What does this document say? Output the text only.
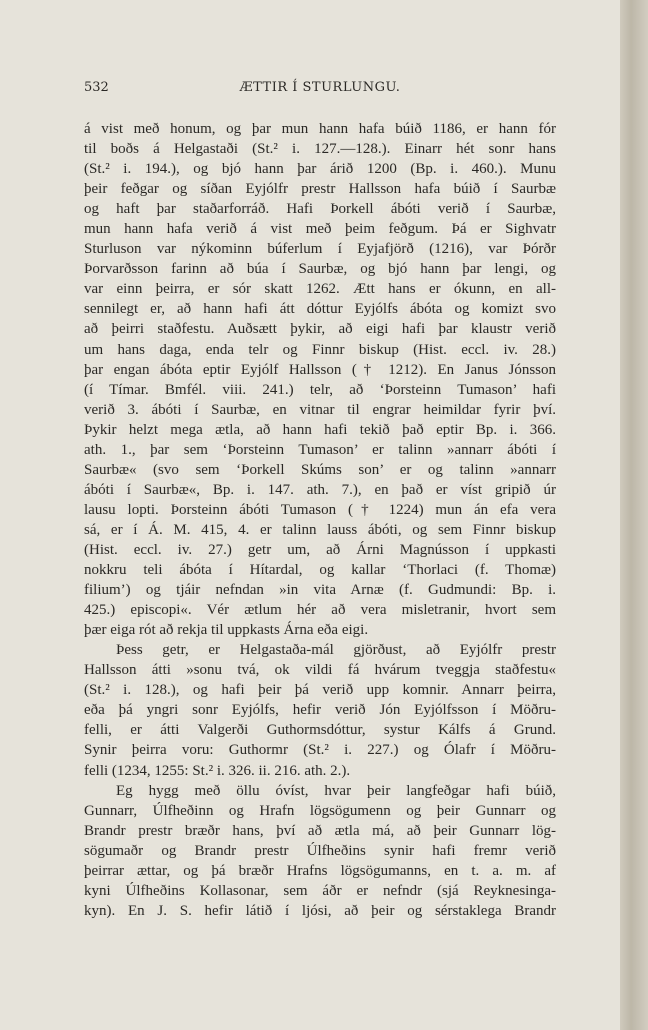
532	ÆTTIR Í STURLUNGU.
á vist með honum, og þar mun hann hafa búið 1186, er hann fór
til boðs á Helgastaði (St.² i. 127.—128.). Einarr hét sonr hans
(St.² i. 194.), og bjó hann þar árið 1200 (Bp. i. 460.). Munu
þeir feðgar og síðan Eyjólfr prestr Hallsson hafa búið í Saurbæ
og haft þar staðarforráð. Hafi Þorkell ábóti verið í Saurbæ,
mun hann hafa verið á vist með þeim feðgum. Þá er Sighvatr
Sturluson var nýkominn búferlum í Eyjafjörð (1216), var Þórðr
Þorvarðsson farinn að búa í Saurbæ, og bjó hann þar lengi, og
var einn þeirra, er sór skatt 1262. Ætt hans er ókunn, en all-
sennilegt er, að hann hafi átt dóttur Eyjólfs ábóta og komizt svo
að þeirri staðfestu. Auðsætt þykir, að eigi hafi þar klaustr verið
um hans daga, enda telr og Finnr biskup (Hist. eccl. iv. 28.)
þar engan ábóta eptir Eyjólf Hallsson († 1212). En Janus Jónsson
(í Tímar. Bmfél. viii. 241.) telr, að ‘Þorsteinn Tumason’ hafi
verið 3. ábóti í Saurbæ, en vitnar til engrar heimildar fyrir því.
Þykir helzt mega ætla, að hann hafi tekið það eptir Bp. i. 366.
ath. 1., þar sem ‘Þorsteinn Tumason’ er talinn »annarr ábóti í
Saurbæ« (svo sem ‘Þorkell Skúms son’ er og talinn »annarr
ábóti í Saurbæ«, Bp. i. 147. ath. 7.), en það er víst gripið úr
lausu lopti. Þorsteinn ábóti Tumason († 1224) mun án efa vera
sá, er í Á. M. 415, 4. er talinn lauss ábóti, og sem Finnr biskup
(Hist. eccl. iv. 27.) getr um, að Árni Magnússon í uppkasti
nokkru teli ábóta í Hítardal, og kallar ‘Thorlaci (f. Thomæ)
filium’) og tjáir nefndan »in vita Arnæ (f. Gudmundi: Bp. i.
425.) episcopi«. Vér ætlum hér að vera misletranir, hvort sem
þær eiga rót að rekja til uppkasts Árna eða eigi.
Þess getr, er Helgastaða-mál gjörðust, að Eyjólfr prestr
Hallsson átti »sonu tvá, ok vildi fá hvárum tveggja staðfestu«
(St.² i. 128.), og hafi þeir þá verið upp komnir. Annarr þeirra,
eða þá yngri sonr Eyjólfs, hefir verið Jón Eyjólfsson í Möðru-
felli, er átti Valgerði Guthormsdóttur, systur Kálfs á Grund.
Synir þeirra voru: Guthormr (St.² i. 227.) og Ólafr í Möðru-
felli (1234, 1255: St.² i. 326. ii. 216. ath. 2.).
Eg hygg með öllu óvíst, hvar þeir langfeðgar hafi búið,
Gunnarr, Úlfheðinn og Hrafn lögsögumenn og þeir Gunnarr og
Brandr prestr bræðr hans, því að ætla má, að þeir Gunnarr lög-
sögumaðr og Brandr prestr Úlfheðins synir hafi fremr verið
þeirrar ættar, og þá bræðr Hrafns lögsögumanns, en t. a. m. af
kyni Úlfheðins Kollasonar, sem áðr er nefndr (sjá Reyknesinga-
kyn). En J. S. hefir látið í ljósi, að þeir og sérstaklega Brandr
